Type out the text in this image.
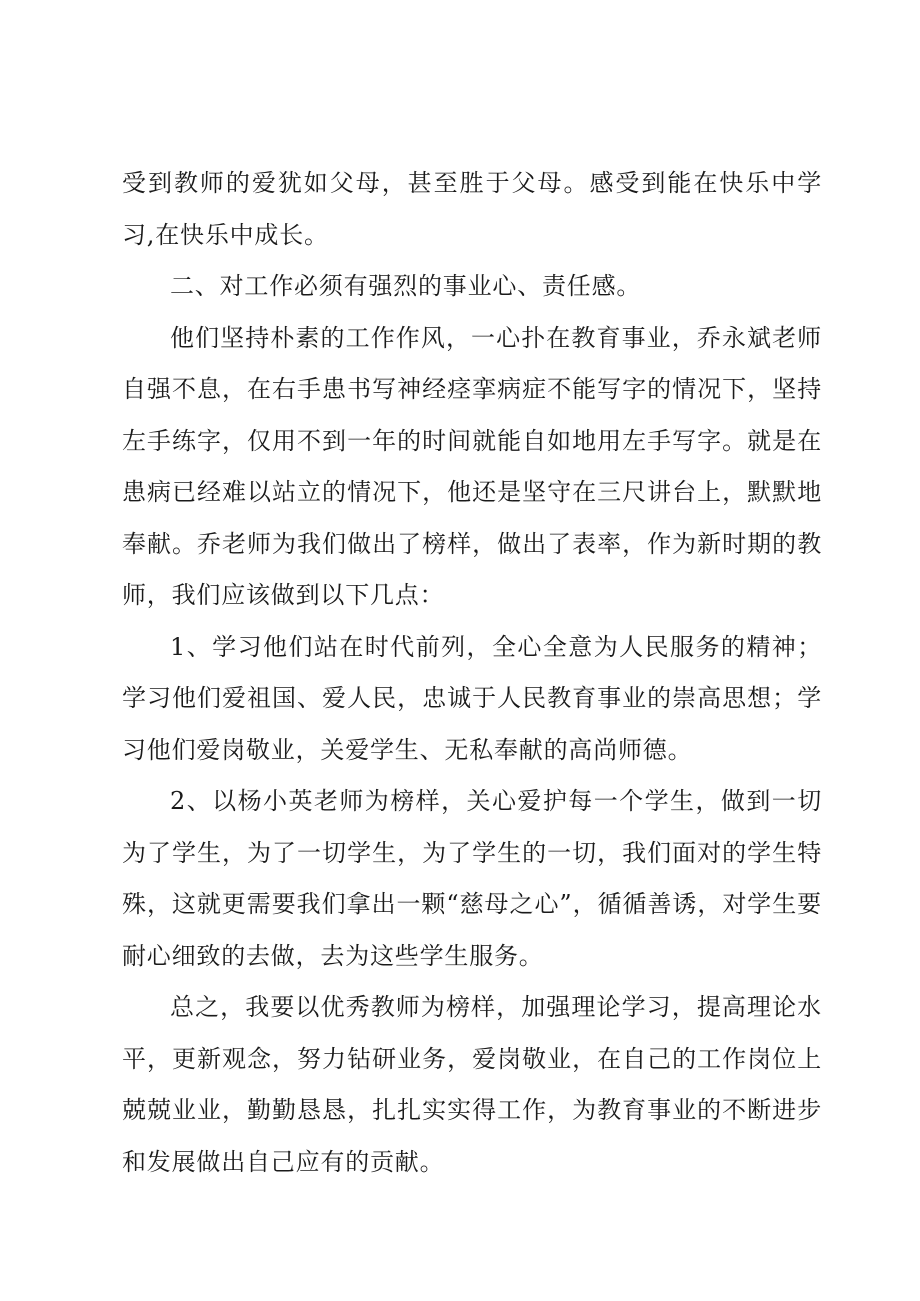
受到教师的爱犹如父母，甚至胜于父母。感受到能在快乐中学习,在快乐中成长。

二、对工作必须有强烈的事业心、责任感。

他们坚持朴素的工作作风，一心扑在教育事业，乔永斌老师自强不息，在右手患书写神经痉挛病症不能写字的情况下，坚持左手练字，仅用不到一年的时间就能自如地用左手写字。就是在患病已经难以站立的情况下，他还是坚守在三尺讲台上，默默地奉献。乔老师为我们做出了榜样，做出了表率，作为新时期的教师，我们应该做到以下几点：

1、学习他们站在时代前列，全心全意为人民服务的精神；学习他们爱祖国、爱人民，忠诚于人民教育事业的崇高思想；学习他们爱岗敬业，关爱学生、无私奉献的高尚师德。

2、以杨小英老师为榜样，关心爱护每一个学生，做到一切为了学生，为了一切学生，为了学生的一切，我们面对的学生特殊，这就更需要我们拿出一颗“慈母之心”，循循善诱，对学生要耐心细致的去做，去为这些学生服务。

总之，我要以优秀教师为榜样，加强理论学习，提高理论水平，更新观念，努力钻研业务，爱岗敬业，在自己的工作岗位上兢兢业业，勤勤恳恳，扎扎实实得工作，为教育事业的不断进步和发展做出自己应有的贡献。
